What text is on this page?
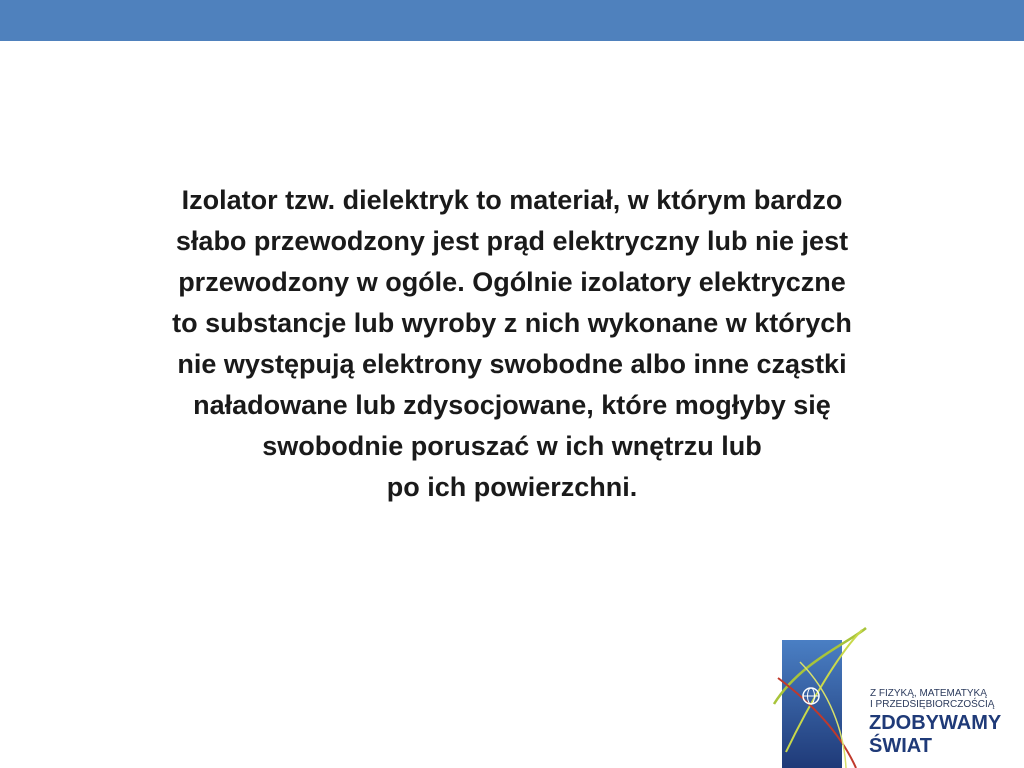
Izolator tzw. dielektryk to materiał, w którym bardzo
słabo przewodzony jest prąd elektryczny lub nie jest
przewodzony w ogóle. Ogólnie izolatory elektryczne
to substancje lub wyroby z nich wykonane w których
nie występują elektrony swobodne albo inne cząstki
naładowane lub zdysocjowane, które mogłyby się
swobodnie poruszać w ich wnętrzu lub
po ich powierzchni.

Z FIZYKĄ, MATEMATYKĄ
I PRZEDSIĘBIORCZOŚCIĄ
ZDOBYWAMY
ŚWIAT
